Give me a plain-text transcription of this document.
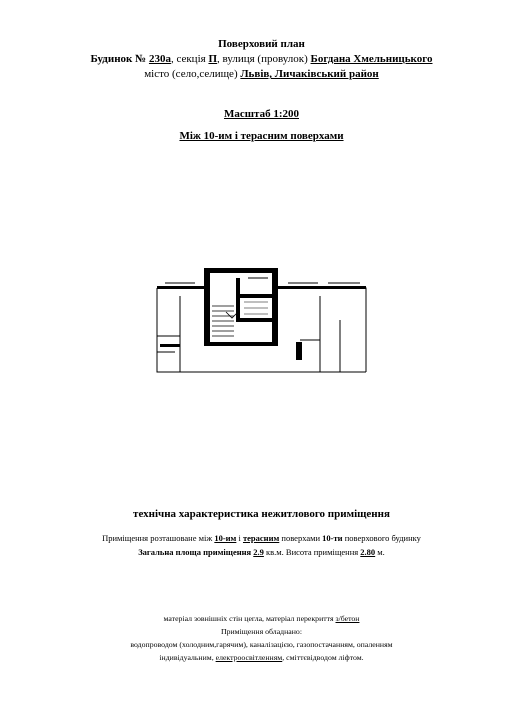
Поверховий план
Будинок № 230а, секція П, вулиця (провулок) Богдана Хмельницького
місто (село,селище) Львів, Личаківський район
Масштаб 1:200
Між 10-им і терасним поверхами
технічна характеристика нежитлового приміщення
Приміщення розташоване між 10-им і терасним поверхами 10-ти поверхового будинку
Загальна площа приміщення 2.9 кв.м. Висота приміщення 2.80 м.
матеріал зовнішніх стін цегла, матеріал перекриття з/бетон
Приміщення обладнано:
водопроводом (холодним,гарячим), каналізацією, газопостачанням, опаленням
індивідуальним, електроосвітленням, сміттєвідводом ліфтом.
